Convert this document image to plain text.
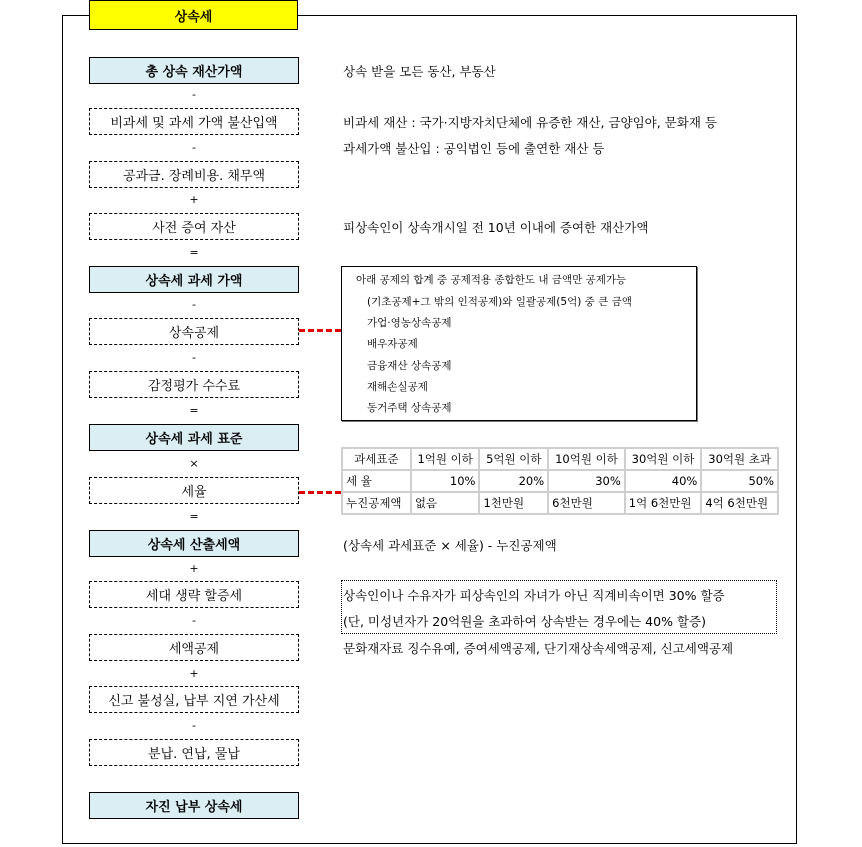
상속세
총 상속 재산가액
-
비과세 및 과세 가액 불산입액
-
공과금. 장례비용. 채무액
+
사전 증여 자산
=
상속세 과세 가액
-
상속공제
-
감정평가 수수료
=
상속세 과세 표준
×
세율
=
상속세 산출세액
+
세대 생략 할증세
-
세액공제
+
신고 불성실, 납부 지연 가산세
-
분납. 연납, 물납
자진 납부 상속세
상속 받을 모든 동산, 부동산
비과세 재산 : 국가·지방자치단체에 유증한 재산, 금양임야, 문화재 등
과세가액 불산입 : 공익법인 등에 출연한 재산 등
피상속인이 상속개시일 전 10년 이내에 증여한 재산가액
아래 공제의 합계 중 공제적용 종합한도 내 금액만 공제가능
(기초공제+그 밖의 인적공제)와 일괄공제(5억) 중 큰 금액
가업·영농상속공제
배우자공제
금융재산 상속공제
재해손실공제
동거주택 상속공제
과세표준	1억원 이하	5억원 이하	10억원 이하	30억원 이하	30억원 초과
세 율	10%	20%	30%	40%	50%
누진공제액	없음	1천만원	6천만원	1억 6천만원	4억 6천만원
(상속세 과세표준 × 세율) - 누진공제액
상속인이나 수유자가 피상속인의 자녀가 아닌 직계비속이면 30% 할증
(단, 미성년자가 20억원을 초과하여 상속받는 경우에는 40% 할증)
문화재자료 징수유예, 증여세액공제, 단기재상속세액공제, 신고세액공제
